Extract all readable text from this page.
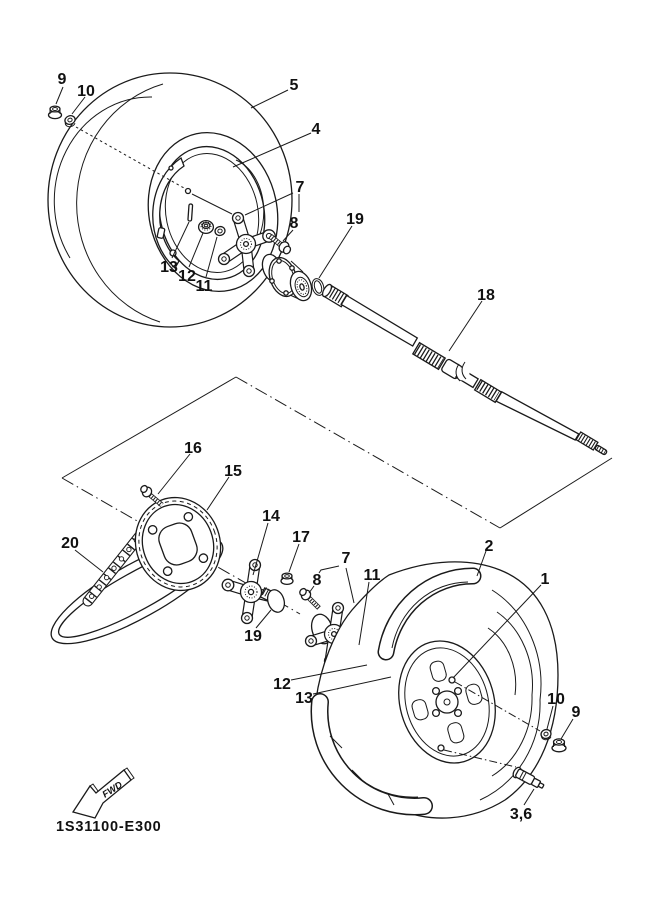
FWD
1S31100-E300
9
10	5
4
7
8	19
18
13
12
11
16
15
20
14
17
7
8	11
19
12
13
2
1
10
9
3,6
